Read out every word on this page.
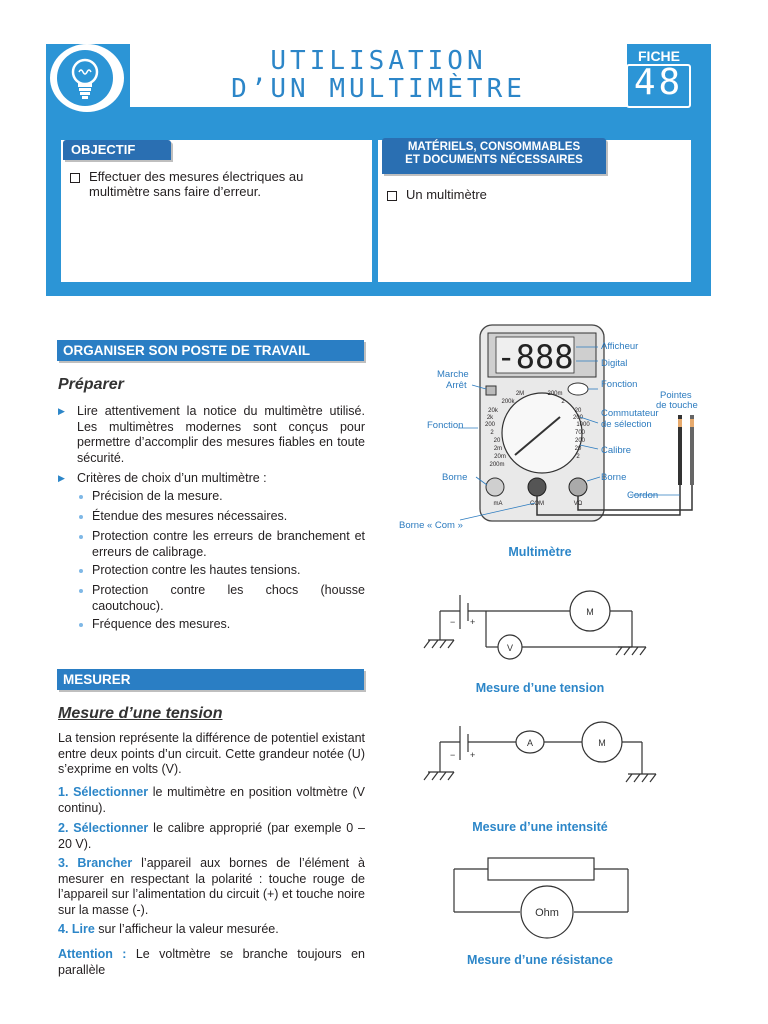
UTILISATION
D’UN MULTIMÈTRE
FICHE
48
OBJECTIF	MATÉRIELS, CONSOMMABLES
ET DOCUMENTS NÉCESSAIRES
Effectuer des mesures électriques au multimètre sans faire d’erreur.	Un multimètre
ORGANISER SON POSTE DE TRAVAIL
Préparer
▶ Lire attentivement la notice du multimètre utilisé. Les multimètres modernes sont conçus pour permettre d’accomplir des mesures fiables en toute sécurité.
▶ Critères de choix d’un multimètre :
Précision de la mesure.
Étendue des mesures nécessaires.
Protection contre les erreurs de branchement et erreurs de calibrage.
Protection contre les hautes tensions.
Protection contre les chocs (housse caoutchouc).
Fréquence des mesures.
MESURER
Mesure d’une tension
La tension représente la différence de potentiel existant entre deux points d’un circuit. Cette grandeur notée (U) s’exprime en volts (V).
1. Sélectionner le multimètre en position voltmètre (V continu).
2. Sélectionner le calibre approprié (par exemple 0 – 20 V).
3. Brancher l’appareil aux bornes de l’élément à mesurer en respectant la polarité : touche rouge de l’appareil sur l’alimentation du circuit (+) et touche noire sur la masse (-).
4. Lire sur l’afficheur la valeur mesurée.
Attention : Le voltmètre se branche toujours en parallèle
-888
2M	200m
200k	2
20k	20
2k	200
200	1000
2	700
20	200
2m	20
20m	2
200m
mA	COM	VΩ
Afficheur
Digital
Marche
Arrêt	Fonction
Pointes
de touche
Commutateur
de sélection
Fonction
Calibre
Borne	Borne
Cordon
Borne « Com »
Multimètre
− +
M
V
Mesure d’une tension
− +
A	M
Mesure d’une intensité
Ohm
Mesure d’une résistance
